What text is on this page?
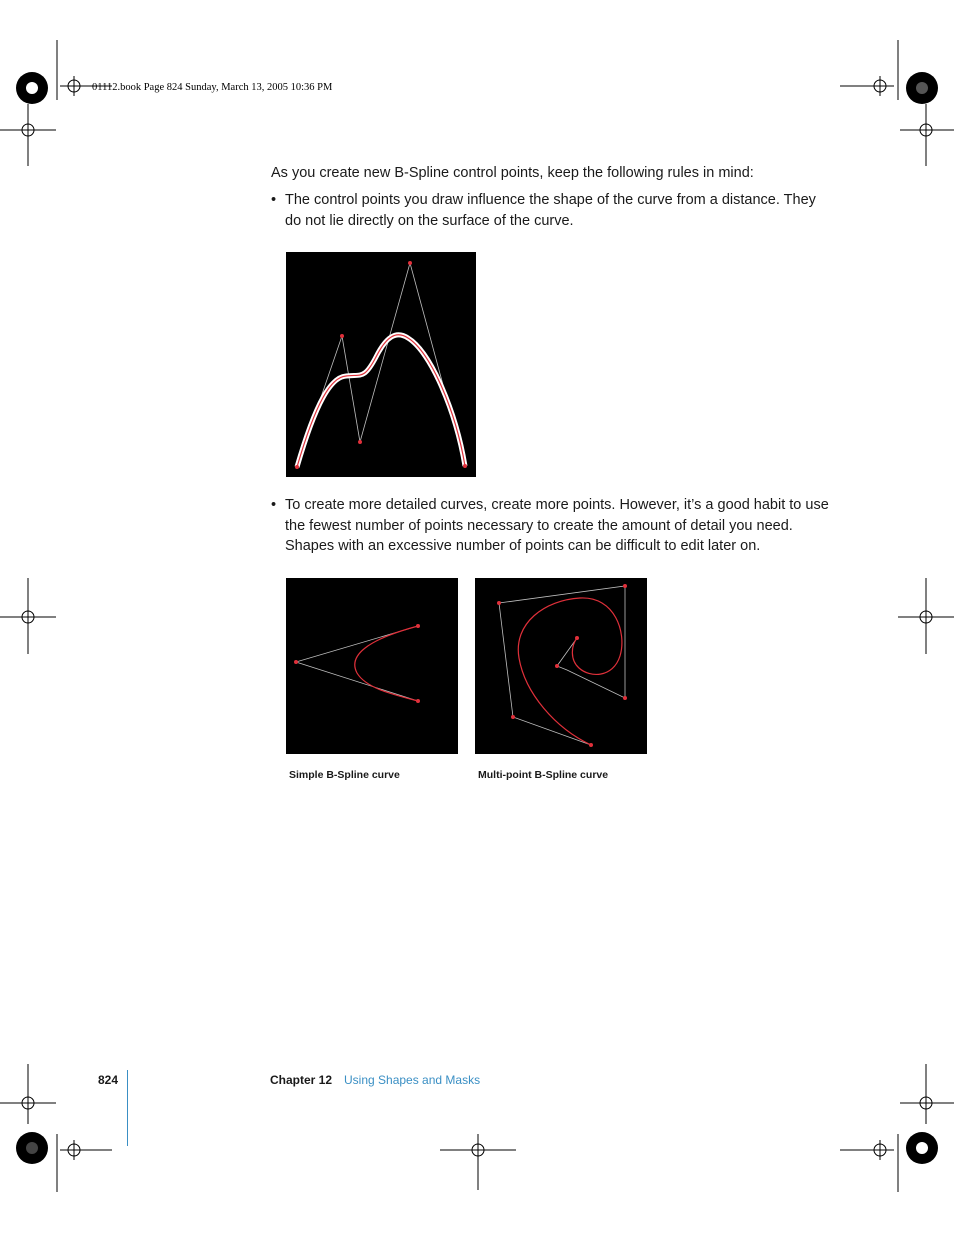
01112.book Page 824 Sunday, March 13, 2005 10:36 PM
As you create new B-Spline control points, keep the following rules in mind:
• The control points you draw influence the shape of the curve from a distance. They do not lie directly on the surface of the curve.
• To create more detailed curves, create more points. However, it’s a good habit to use the fewest number of points necessary to create the amount of detail you need. Shapes with an excessive number of points can be difficult to edit later on.
Simple B-Spline curve	Multi-point B-Spline curve
824	Chapter 12 Using Shapes and Masks
